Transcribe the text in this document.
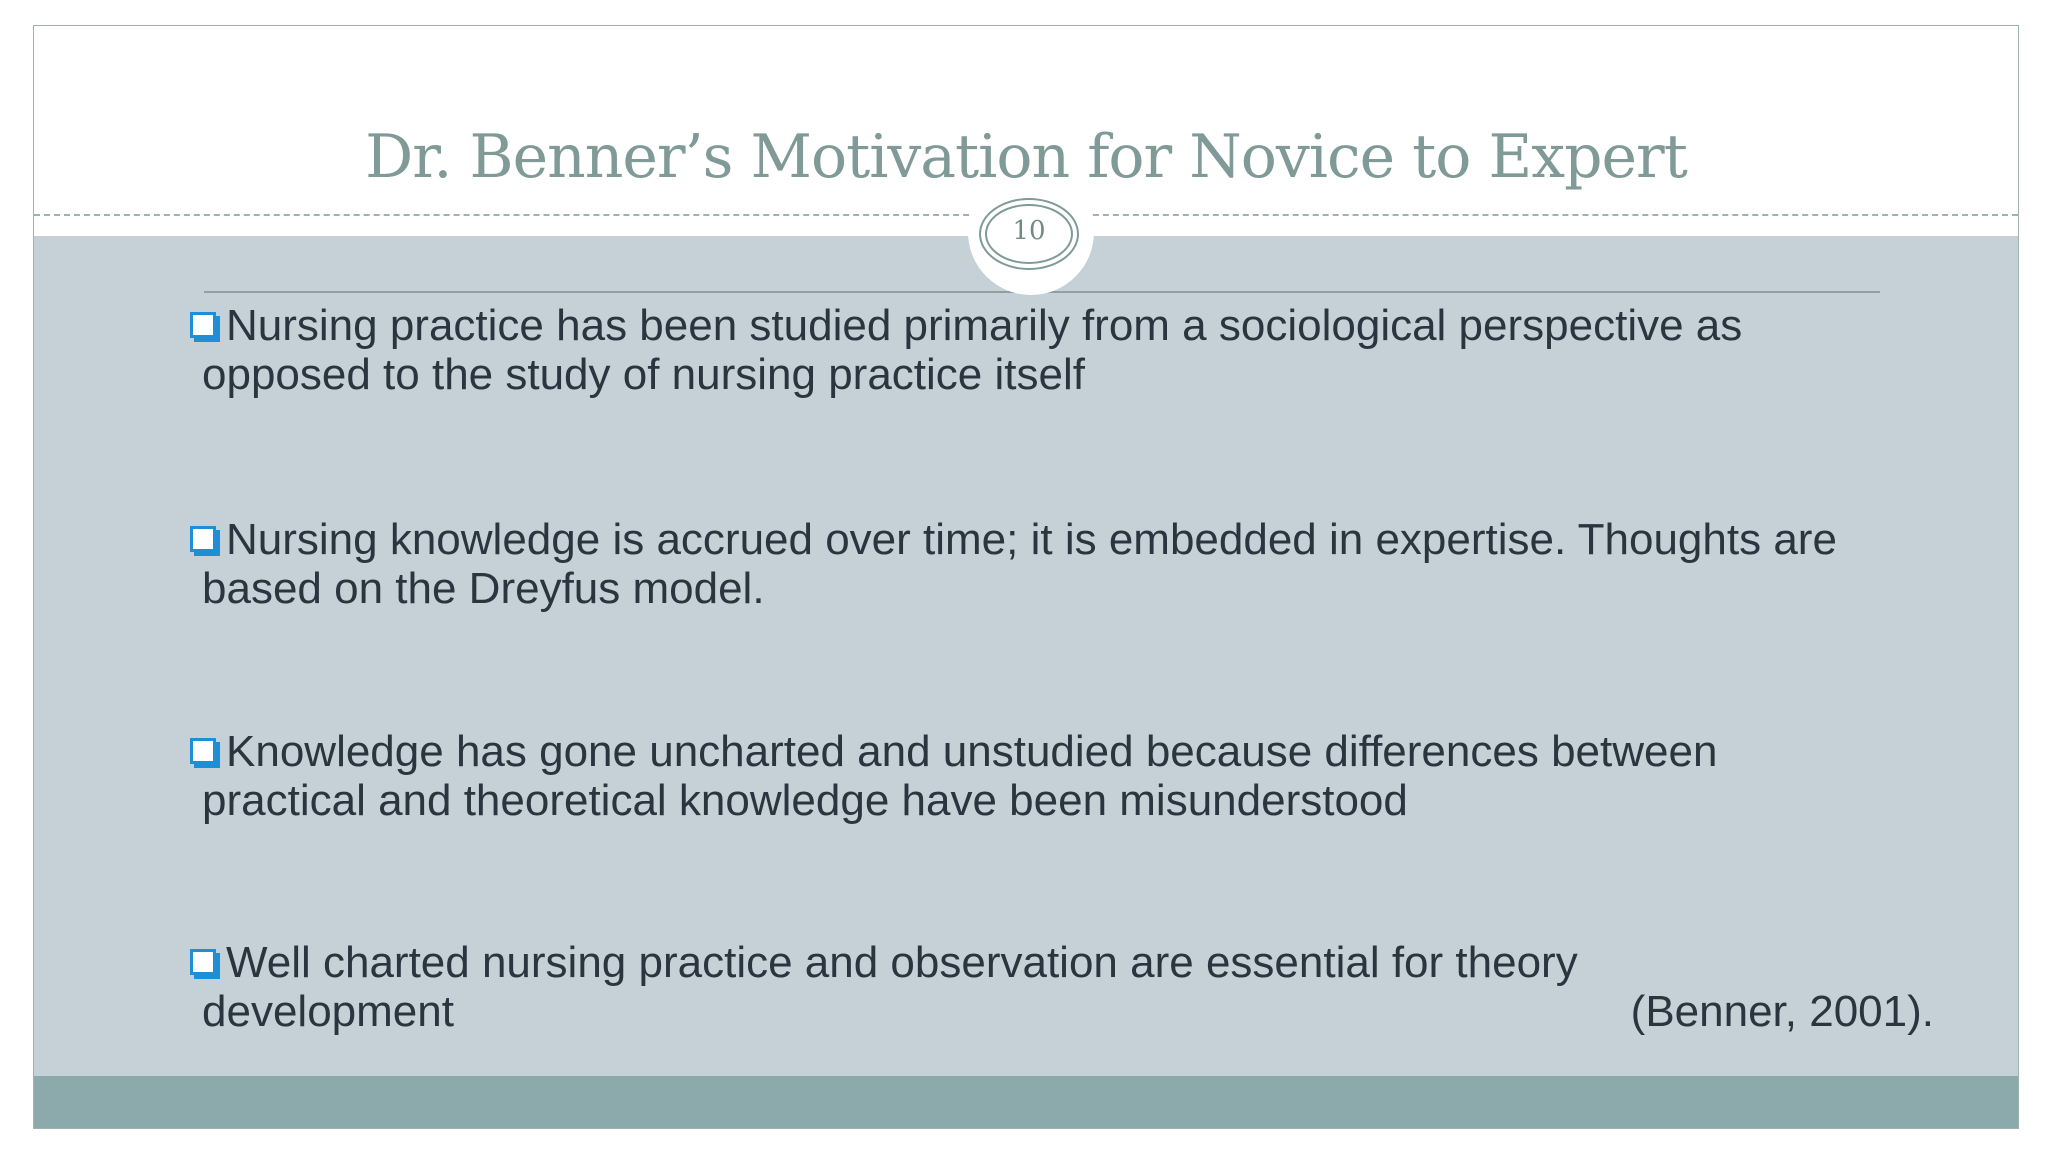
Dr. Benner’s Motivation for Novice to Expert
10
Nursing practice has been studied primarily from a sociological perspective as
opposed to the study of nursing practice itself
Nursing knowledge is accrued over time; it is embedded in expertise. Thoughts are
based on the Dreyfus model.
Knowledge has gone uncharted and unstudied because differences between
practical and theoretical knowledge have been misunderstood
Well charted nursing practice and observation are essential for theory
development	(Benner, 2001).
